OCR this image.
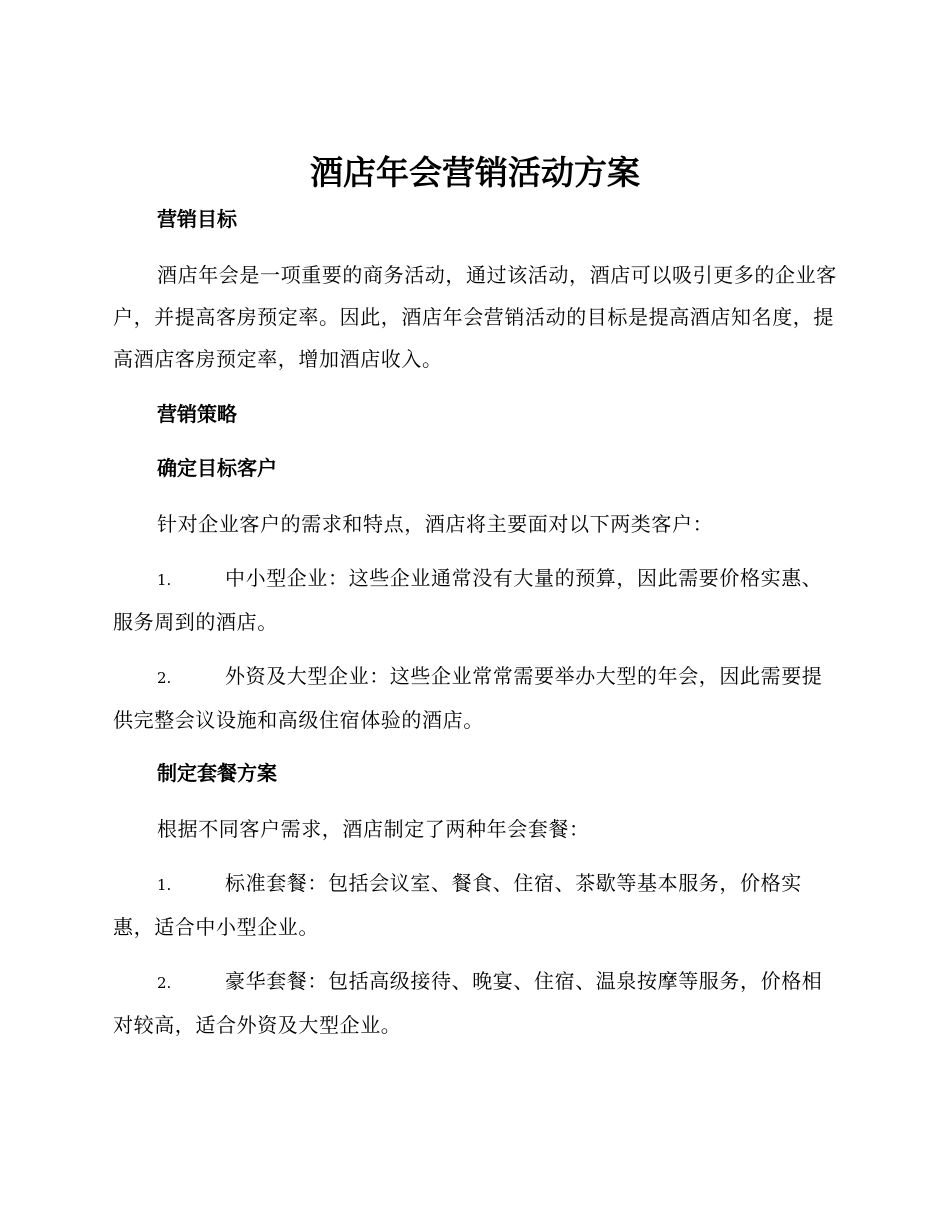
酒店年会营销活动方案
营销目标

酒店年会是一项重要的商务活动，通过该活动，酒店可以吸引更多的企业客户，并提高客房预定率。因此，酒店年会营销活动的目标是提高酒店知名度，提高酒店客房预定率，增加酒店收入。

营销策略
确定目标客户

针对企业客户的需求和特点，酒店将主要面对以下两类客户：

1.	中小型企业：这些企业通常没有大量的预算，因此需要价格实惠、服务周到的酒店。

2.	外资及大型企业：这些企业常常需要举办大型的年会，因此需要提供完整会议设施和高级住宿体验的酒店。

制定套餐方案

根据不同客户需求，酒店制定了两种年会套餐：

1.	标准套餐：包括会议室、餐食、住宿、茶歇等基本服务，价格实惠，适合中小型企业。

2.	豪华套餐：包括高级接待、晚宴、住宿、温泉按摩等服务，价格相对较高，适合外资及大型企业。
